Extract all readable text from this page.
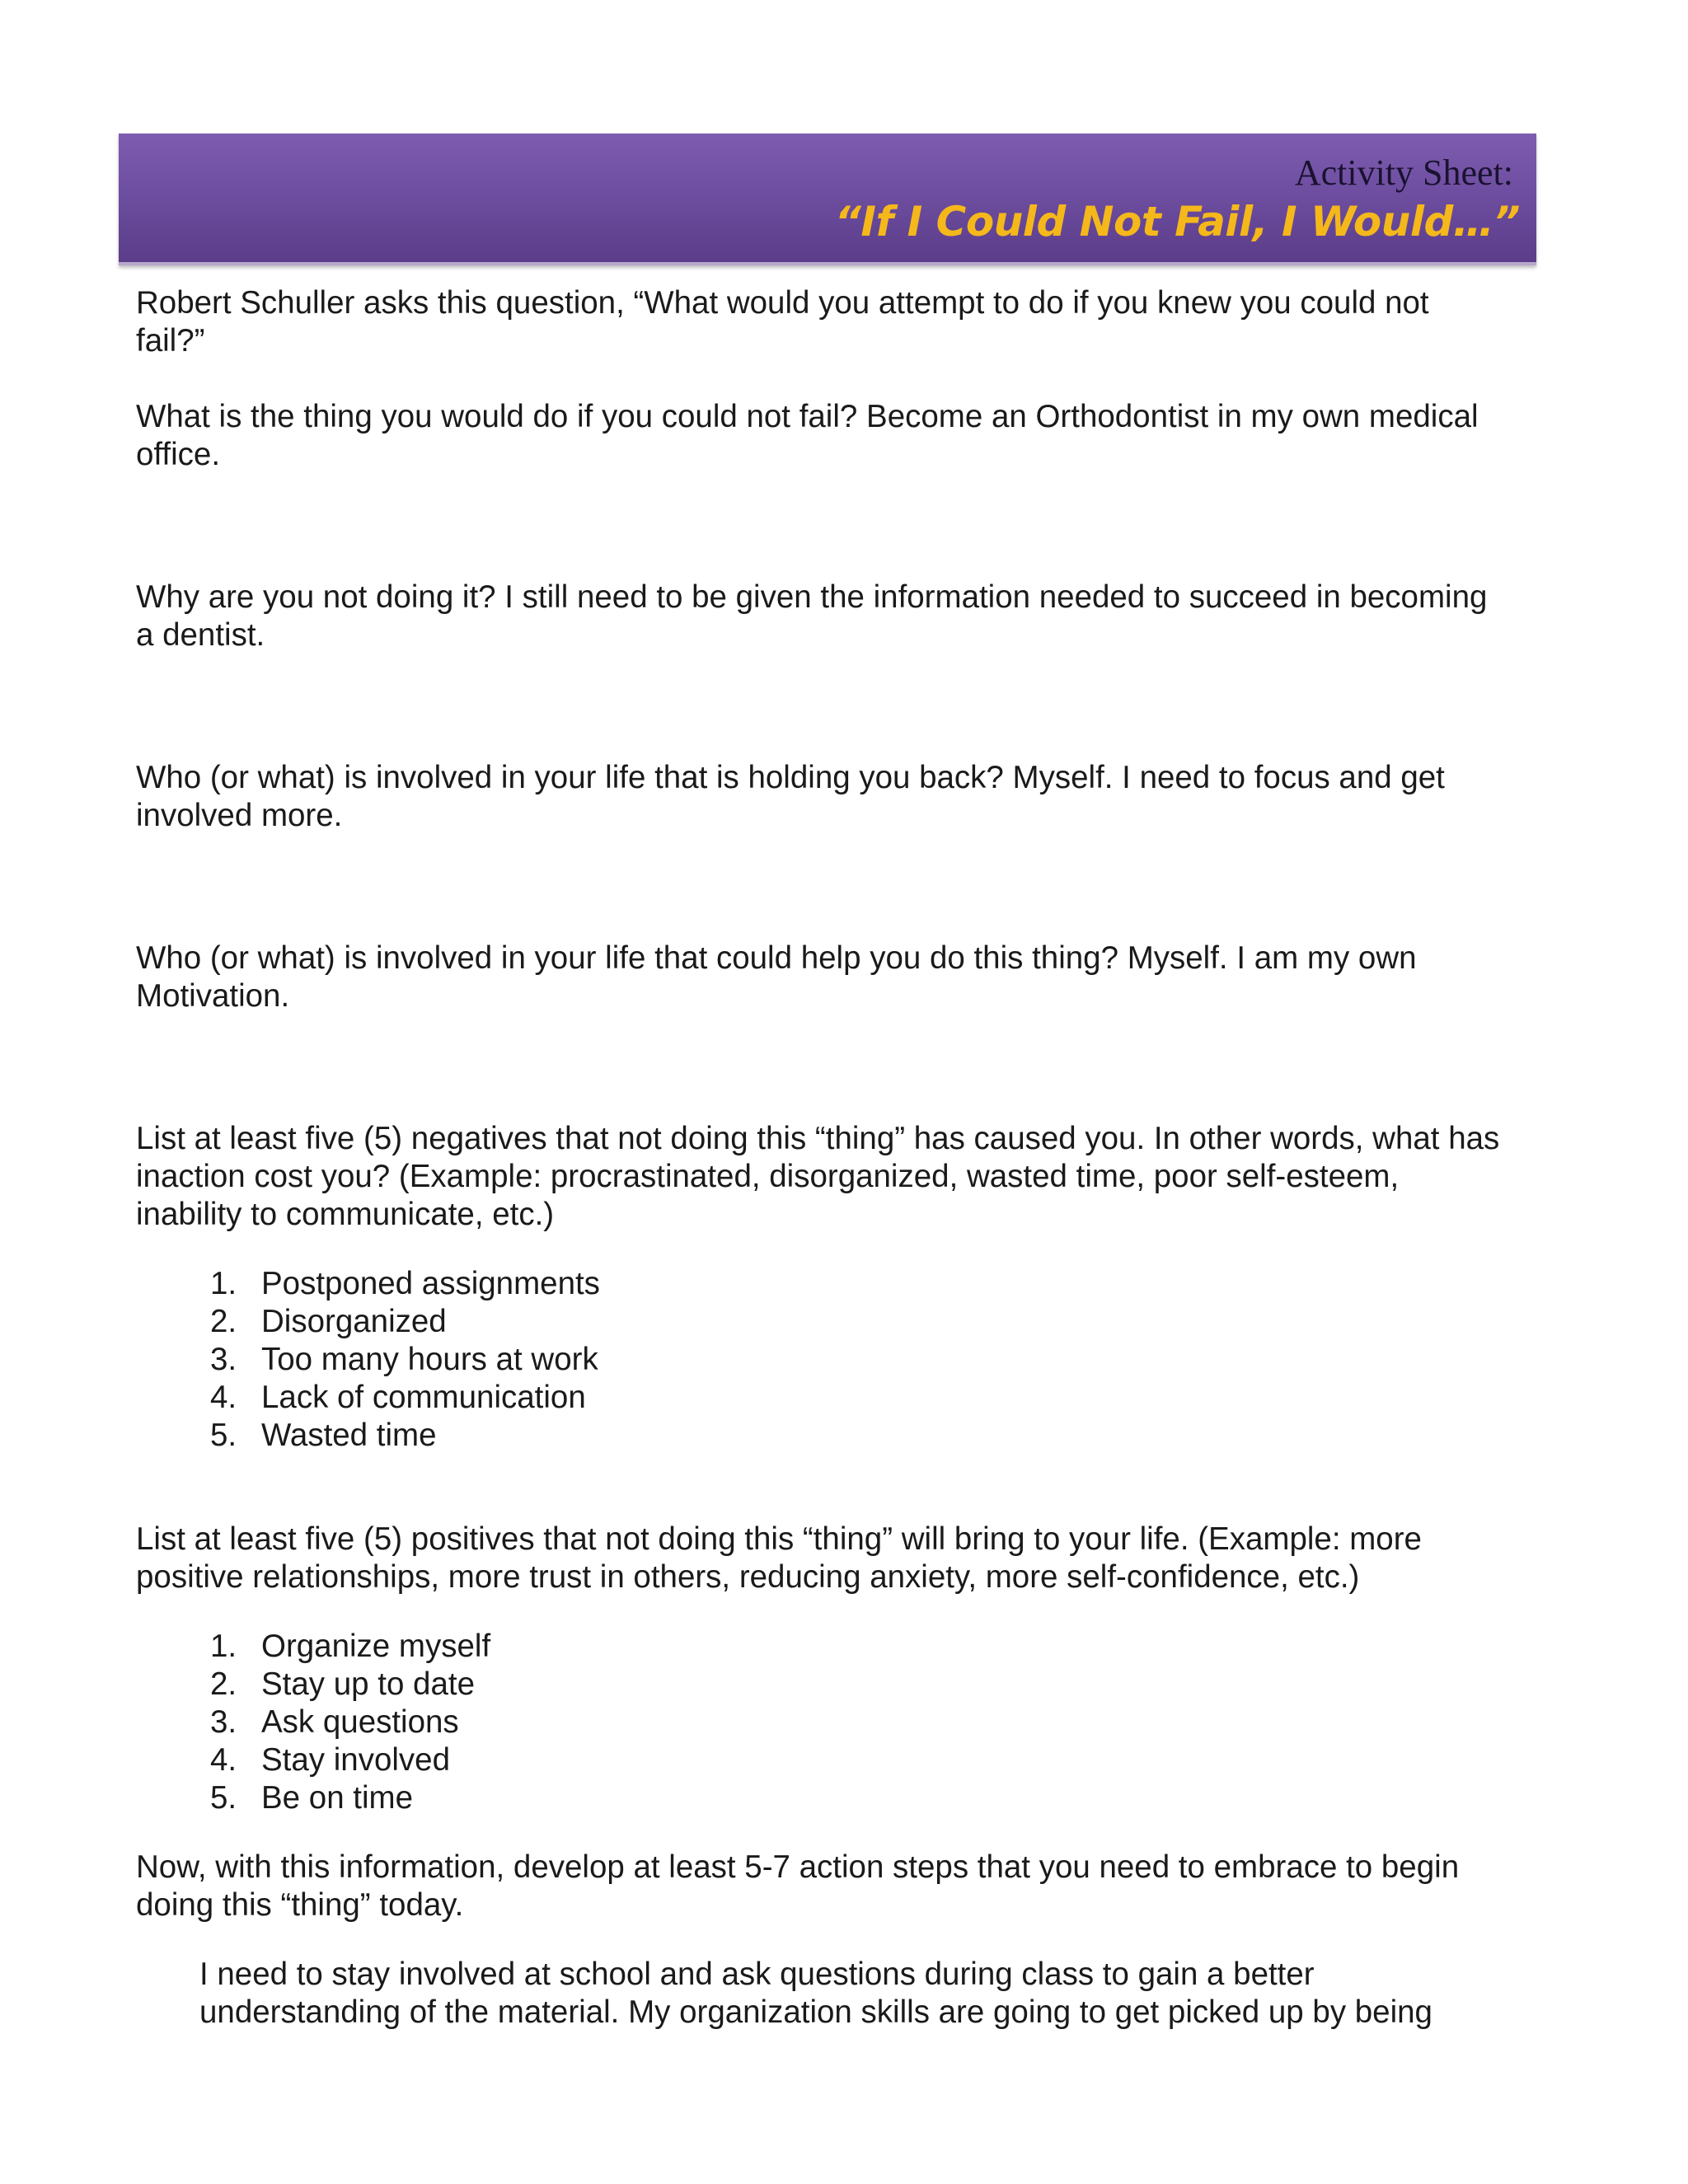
Activity Sheet:
“If I Could Not Fail, I Would…”

Robert Schuller asks this question, “What would you attempt to do if you knew you could not fail?”

What is the thing you would do if you could not fail? Become an Orthodontist in my own medical office.

Why are you not doing it? I still need to be given the information needed to succeed in becoming a dentist.

Who (or what) is involved in your life that is holding you back? Myself. I need to focus and get involved more.

Who (or what) is involved in your life that could help you do this thing? Myself. I am my own Motivation.

List at least five (5) negatives that not doing this “thing” has caused you. In other words, what has inaction cost you? (Example: procrastinated, disorganized, wasted time, poor self-esteem, inability to communicate, etc.)

1. Postponed assignments
2. Disorganized
3. Too many hours at work
4. Lack of communication
5. Wasted time

List at least five (5) positives that not doing this “thing” will bring to your life. (Example: more positive relationships, more trust in others, reducing anxiety, more self-confidence, etc.)

1. Organize myself
2. Stay up to date
3. Ask questions
4. Stay involved
5. Be on time

Now, with this information, develop at least 5-7 action steps that you need to embrace to begin doing this “thing” today.

I need to stay involved at school and ask questions during class to gain a better understanding of the material. My organization skills are going to get picked up by being
